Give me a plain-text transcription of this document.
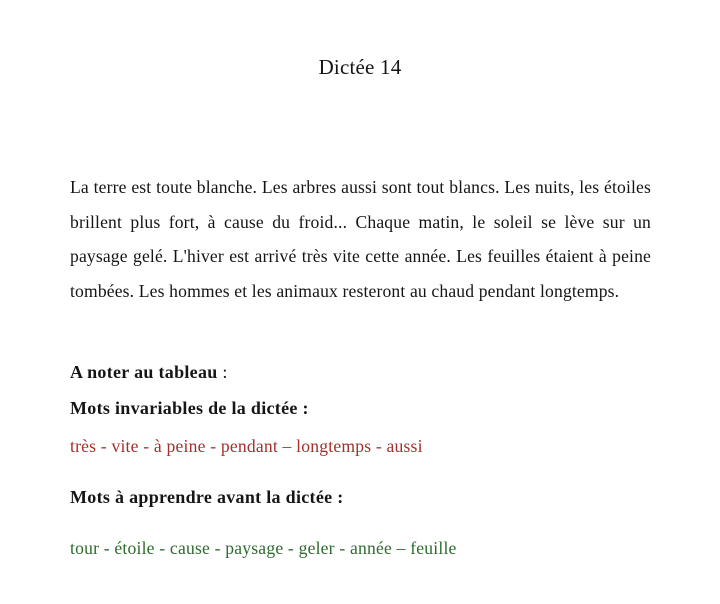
Dictée 14
La terre est toute blanche. Les arbres aussi sont tout blancs. Les nuits, les étoiles brillent plus fort, à cause du froid... Chaque matin, le soleil se lève sur un paysage gelé. L'hiver est arrivé très vite cette année. Les feuilles étaient à peine tombées. Les hommes et les animaux resteront au chaud pendant longtemps.
A noter au tableau :
Mots invariables de la dictée :
très - vite - à peine - pendant – longtemps - aussi
Mots à apprendre avant la dictée :
tour - étoile - cause - paysage - geler - année – feuille
